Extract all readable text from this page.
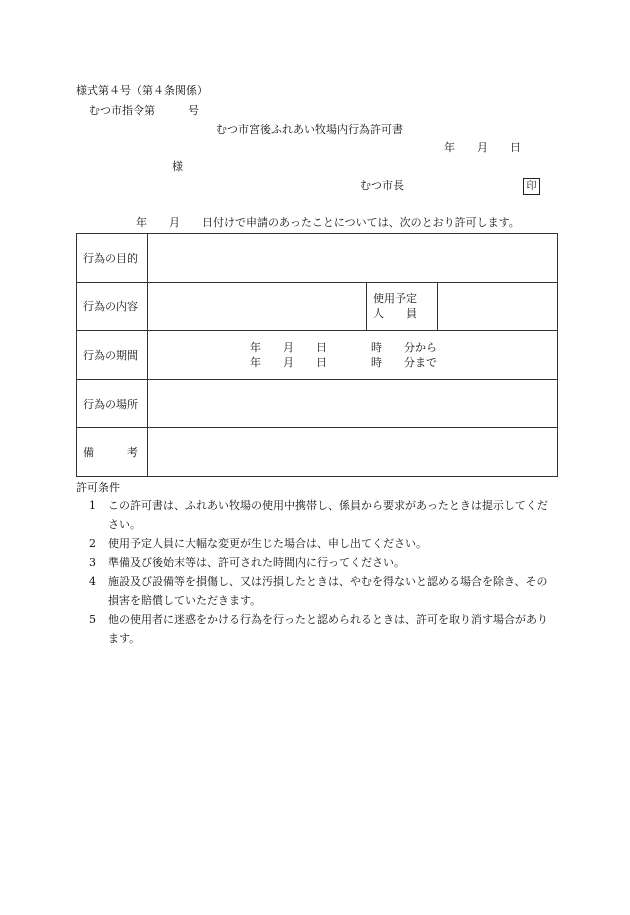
様式第４号（第４条関係）
むつ市指令第　　　号
むつ市宮後ふれあい牧場内行為許可書
年　　月　　日
様
むつ市長	印
年　　月　　日付けで申請のあったことについては、次のとおり許可します。
行為の目的			
行為の内容		使用予定
人　　員	

行為の期間	年　　月　　日　　　　時　　分から
年　　月　　日　　　　時　　分まで		

行為の場所			
備　　　考			
許可条件
1 この許可書は、ふれあい牧場の使用中携帯し、係員から要求があったときは提示してください。
2 使用予定人員に大幅な変更が生じた場合は、申し出てください。
3 準備及び後始末等は、許可された時間内に行ってください。
4 施設及び設備等を損傷し、又は汚損したときは、やむを得ないと認める場合を除き、その損害を賠償していただきます。
5 他の使用者に迷惑をかける行為を行ったと認められるときは、許可を取り消す場合があります。
